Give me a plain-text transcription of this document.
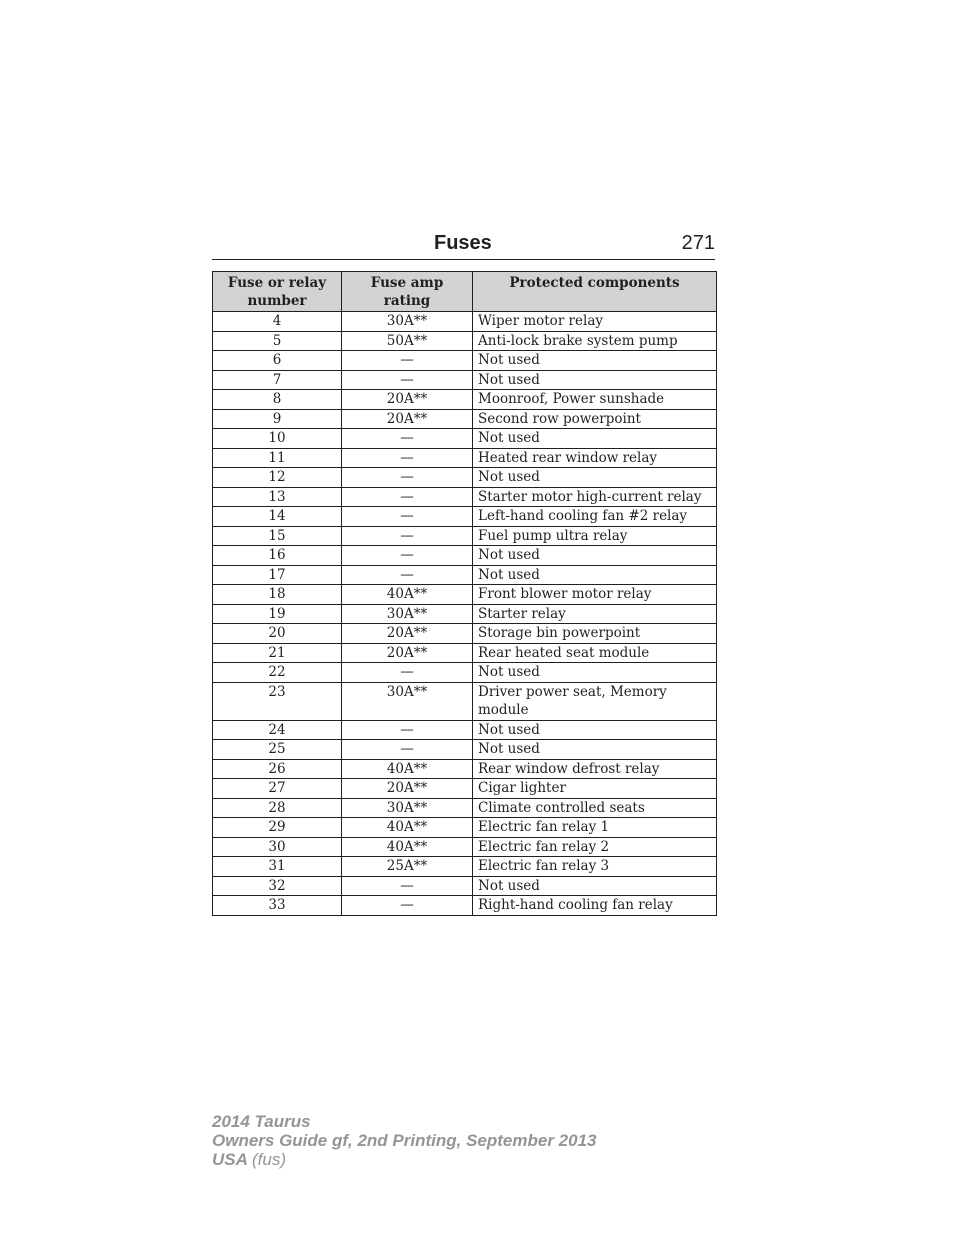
Fuses	271
Fuse or relay number	Fuse amp rating	Protected components
4	30A**	Wiper motor relay
5	50A**	Anti-lock brake system pump
6	—	Not used
7	—	Not used
8	20A**	Moonroof, Power sunshade
9	20A**	Second row powerpoint
10	—	Not used
11	—	Heated rear window relay
12	—	Not used
13	—	Starter motor high-current relay
14	—	Left-hand cooling fan #2 relay
15	—	Fuel pump ultra relay
16	—	Not used
17	—	Not used
18	40A**	Front blower motor relay
19	30A**	Starter relay
20	20A**	Storage bin powerpoint
21	20A**	Rear heated seat module
22	—	Not used
23	30A**	Driver power seat, Memory module
24	—	Not used
25	—	Not used
26	40A**	Rear window defrost relay
27	20A**	Cigar lighter
28	30A**	Climate controlled seats
29	40A**	Electric fan relay 1
30	40A**	Electric fan relay 2
31	25A**	Electric fan relay 3
32	—	Not used
33	—	Right-hand cooling fan relay
2014 Taurus
Owners Guide gf, 2nd Printing, September 2013
USA (fus)
